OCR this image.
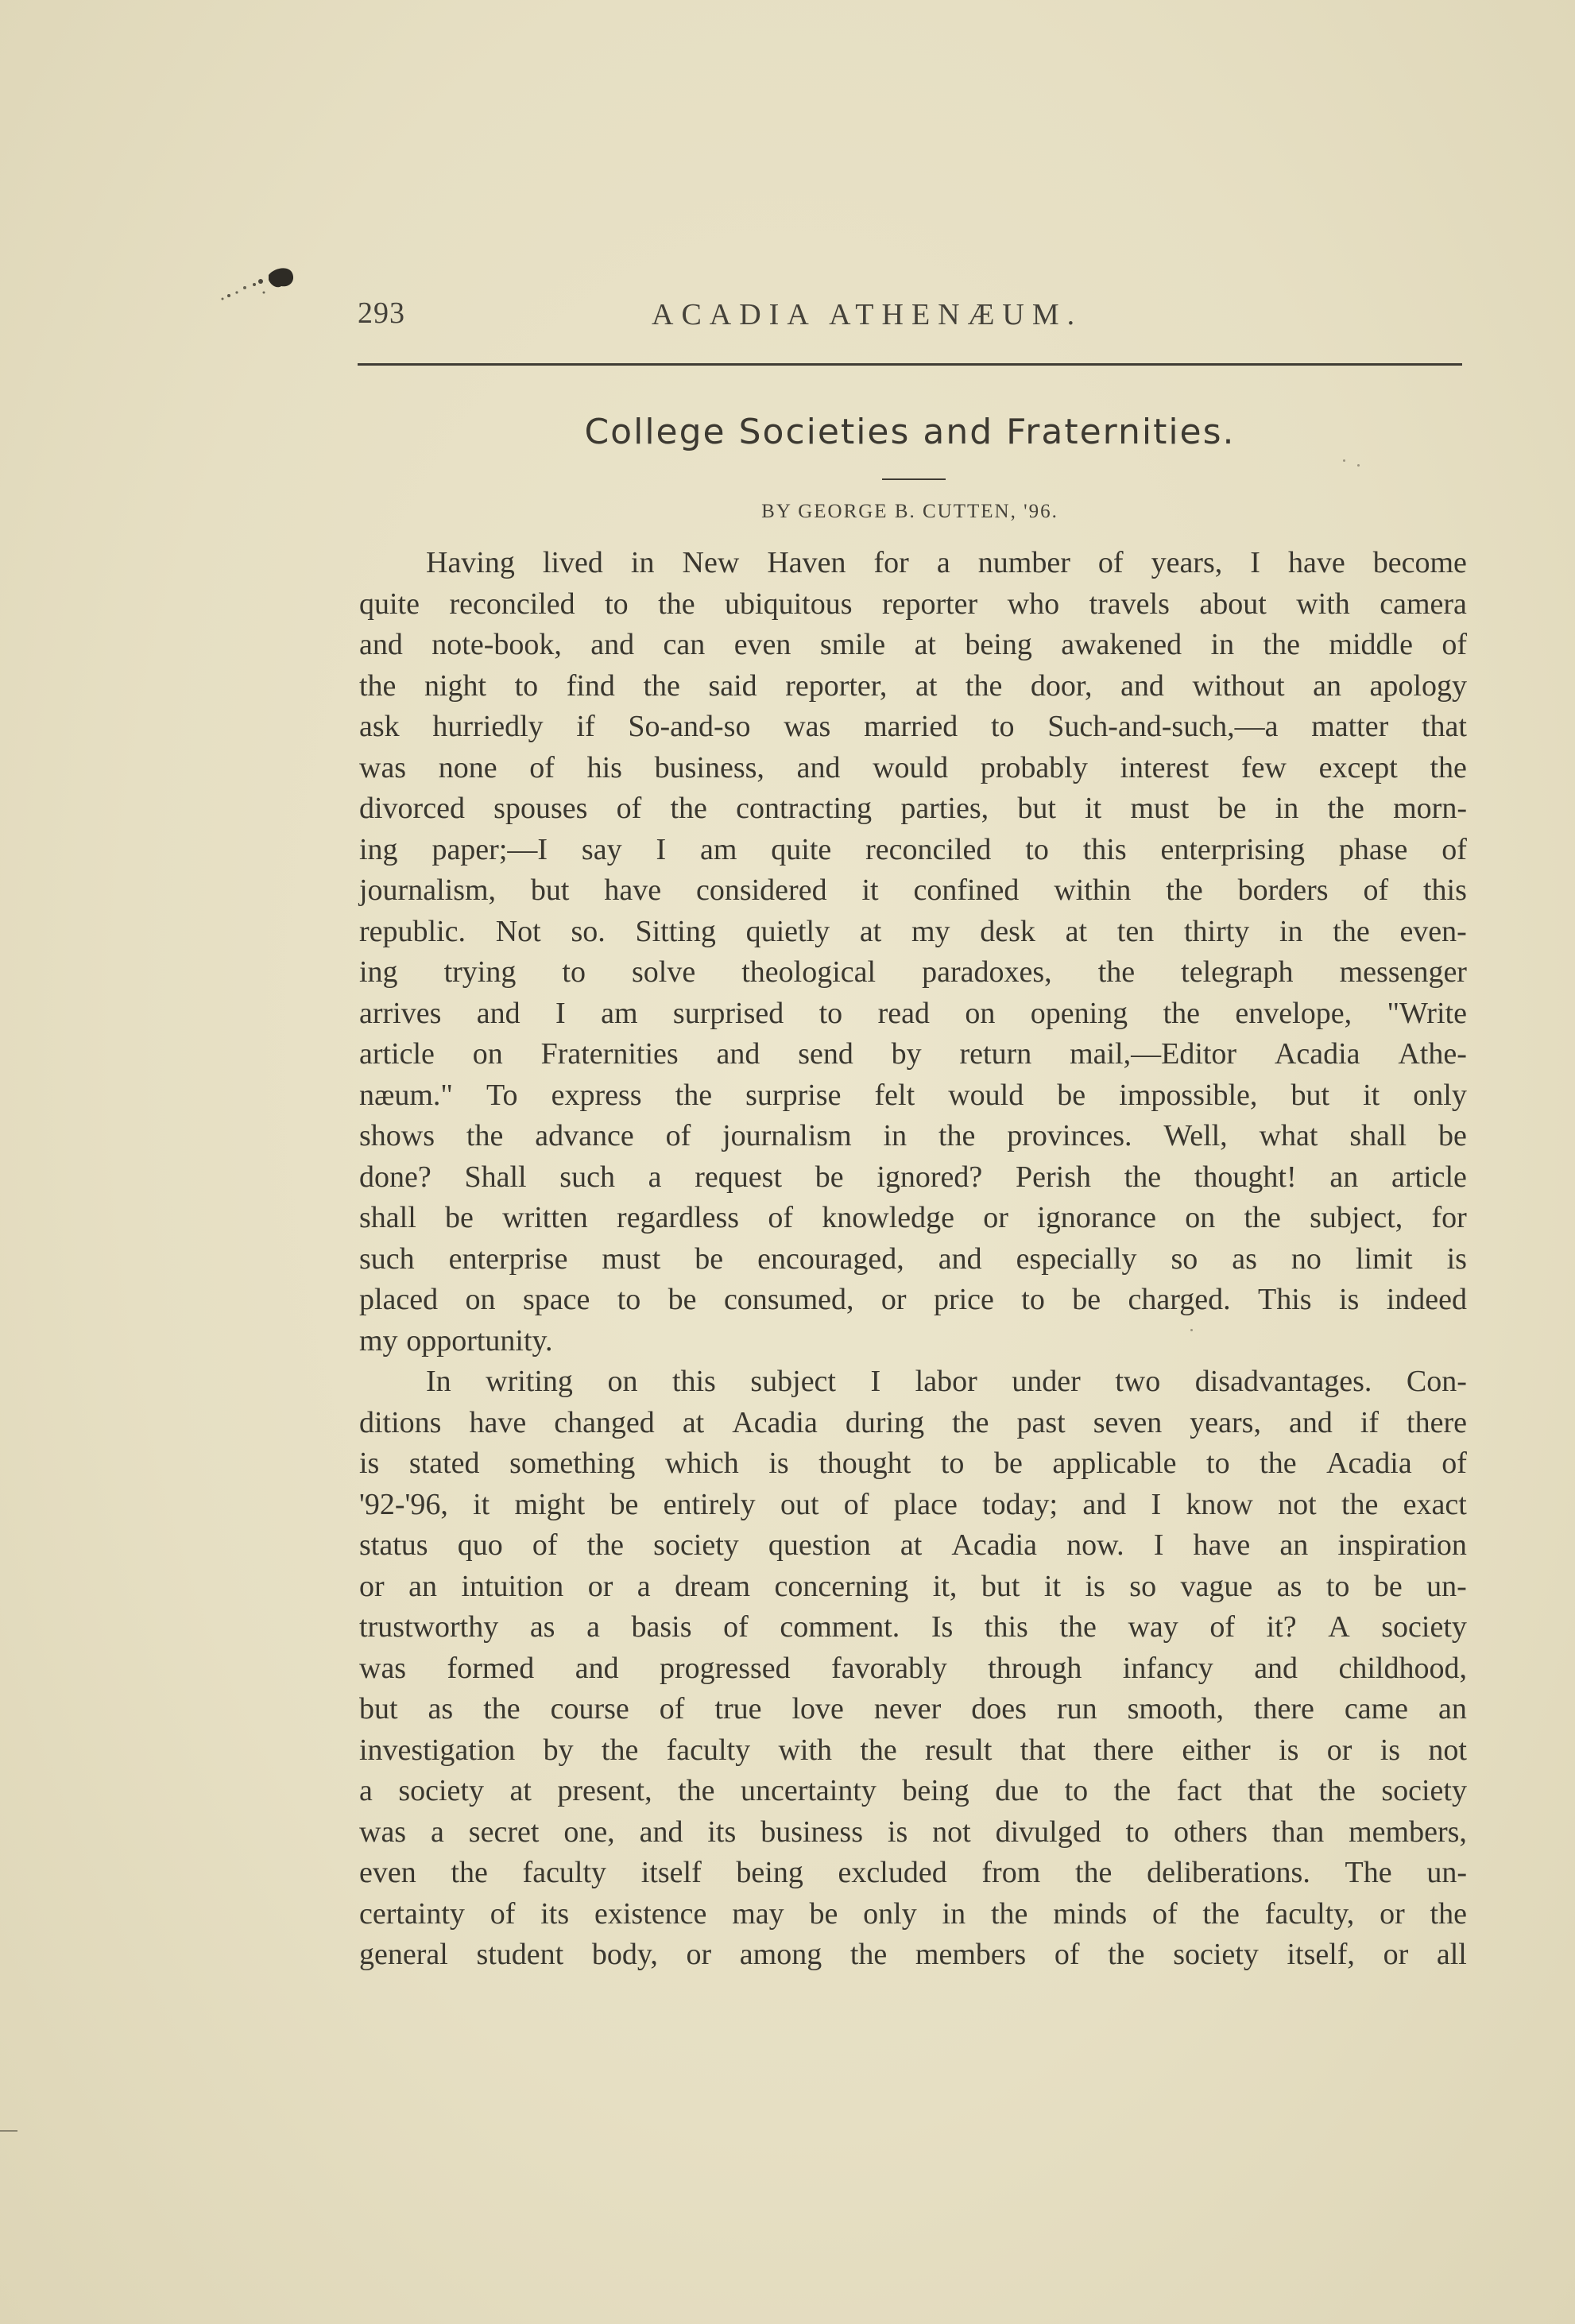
293	ACADIA ATHENÆUM.
College Societies and Fraternities.
BY GEORGE B. CUTTEN, '96.
Having lived in New Haven for a number of years, I have become
quite reconciled to the ubiquitous reporter who travels about with camera
and note-book, and can even smile at being awakened in the middle of
the night to find the said reporter, at the door, and without an apology
ask hurriedly if So-and-so was married to Such-and-such,—a matter that
was none of his business, and would probably interest few except the
divorced spouses of the contracting parties, but it must be in the morn-
ing paper;—I say I am quite reconciled to this enterprising phase of
journalism, but have considered it confined within the borders of this
republic. Not so. Sitting quietly at my desk at ten thirty in the even-
ing trying to solve theological paradoxes, the telegraph messenger
arrives and I am surprised to read on opening the envelope, "Write
article on Fraternities and send by return mail,—Editor Acadia Athe-
næum." To express the surprise felt would be impossible, but it only
shows the advance of journalism in the provinces. Well, what shall be
done? Shall such a request be ignored? Perish the thought! an article
shall be written regardless of knowledge or ignorance on the subject, for
such enterprise must be encouraged, and especially so as no limit is
placed on space to be consumed, or price to be charged. This is indeed
my opportunity.
In writing on this subject I labor under two disadvantages. Con-
ditions have changed at Acadia during the past seven years, and if there
is stated something which is thought to be applicable to the Acadia of
'92-'96, it might be entirely out of place today; and I know not the exact
status quo of the society question at Acadia now. I have an inspiration
or an intuition or a dream concerning it, but it is so vague as to be un-
trustworthy as a basis of comment. Is this the way of it? A society
was formed and progressed favorably through infancy and childhood,
but as the course of true love never does run smooth, there came an
investigation by the faculty with the result that there either is or is not
a society at present, the uncertainty being due to the fact that the society
was a secret one, and its business is not divulged to others than members,
even the faculty itself being excluded from the deliberations. The un-
certainty of its existence may be only in the minds of the faculty, or the
general student body, or among the members of the society itself, or all
